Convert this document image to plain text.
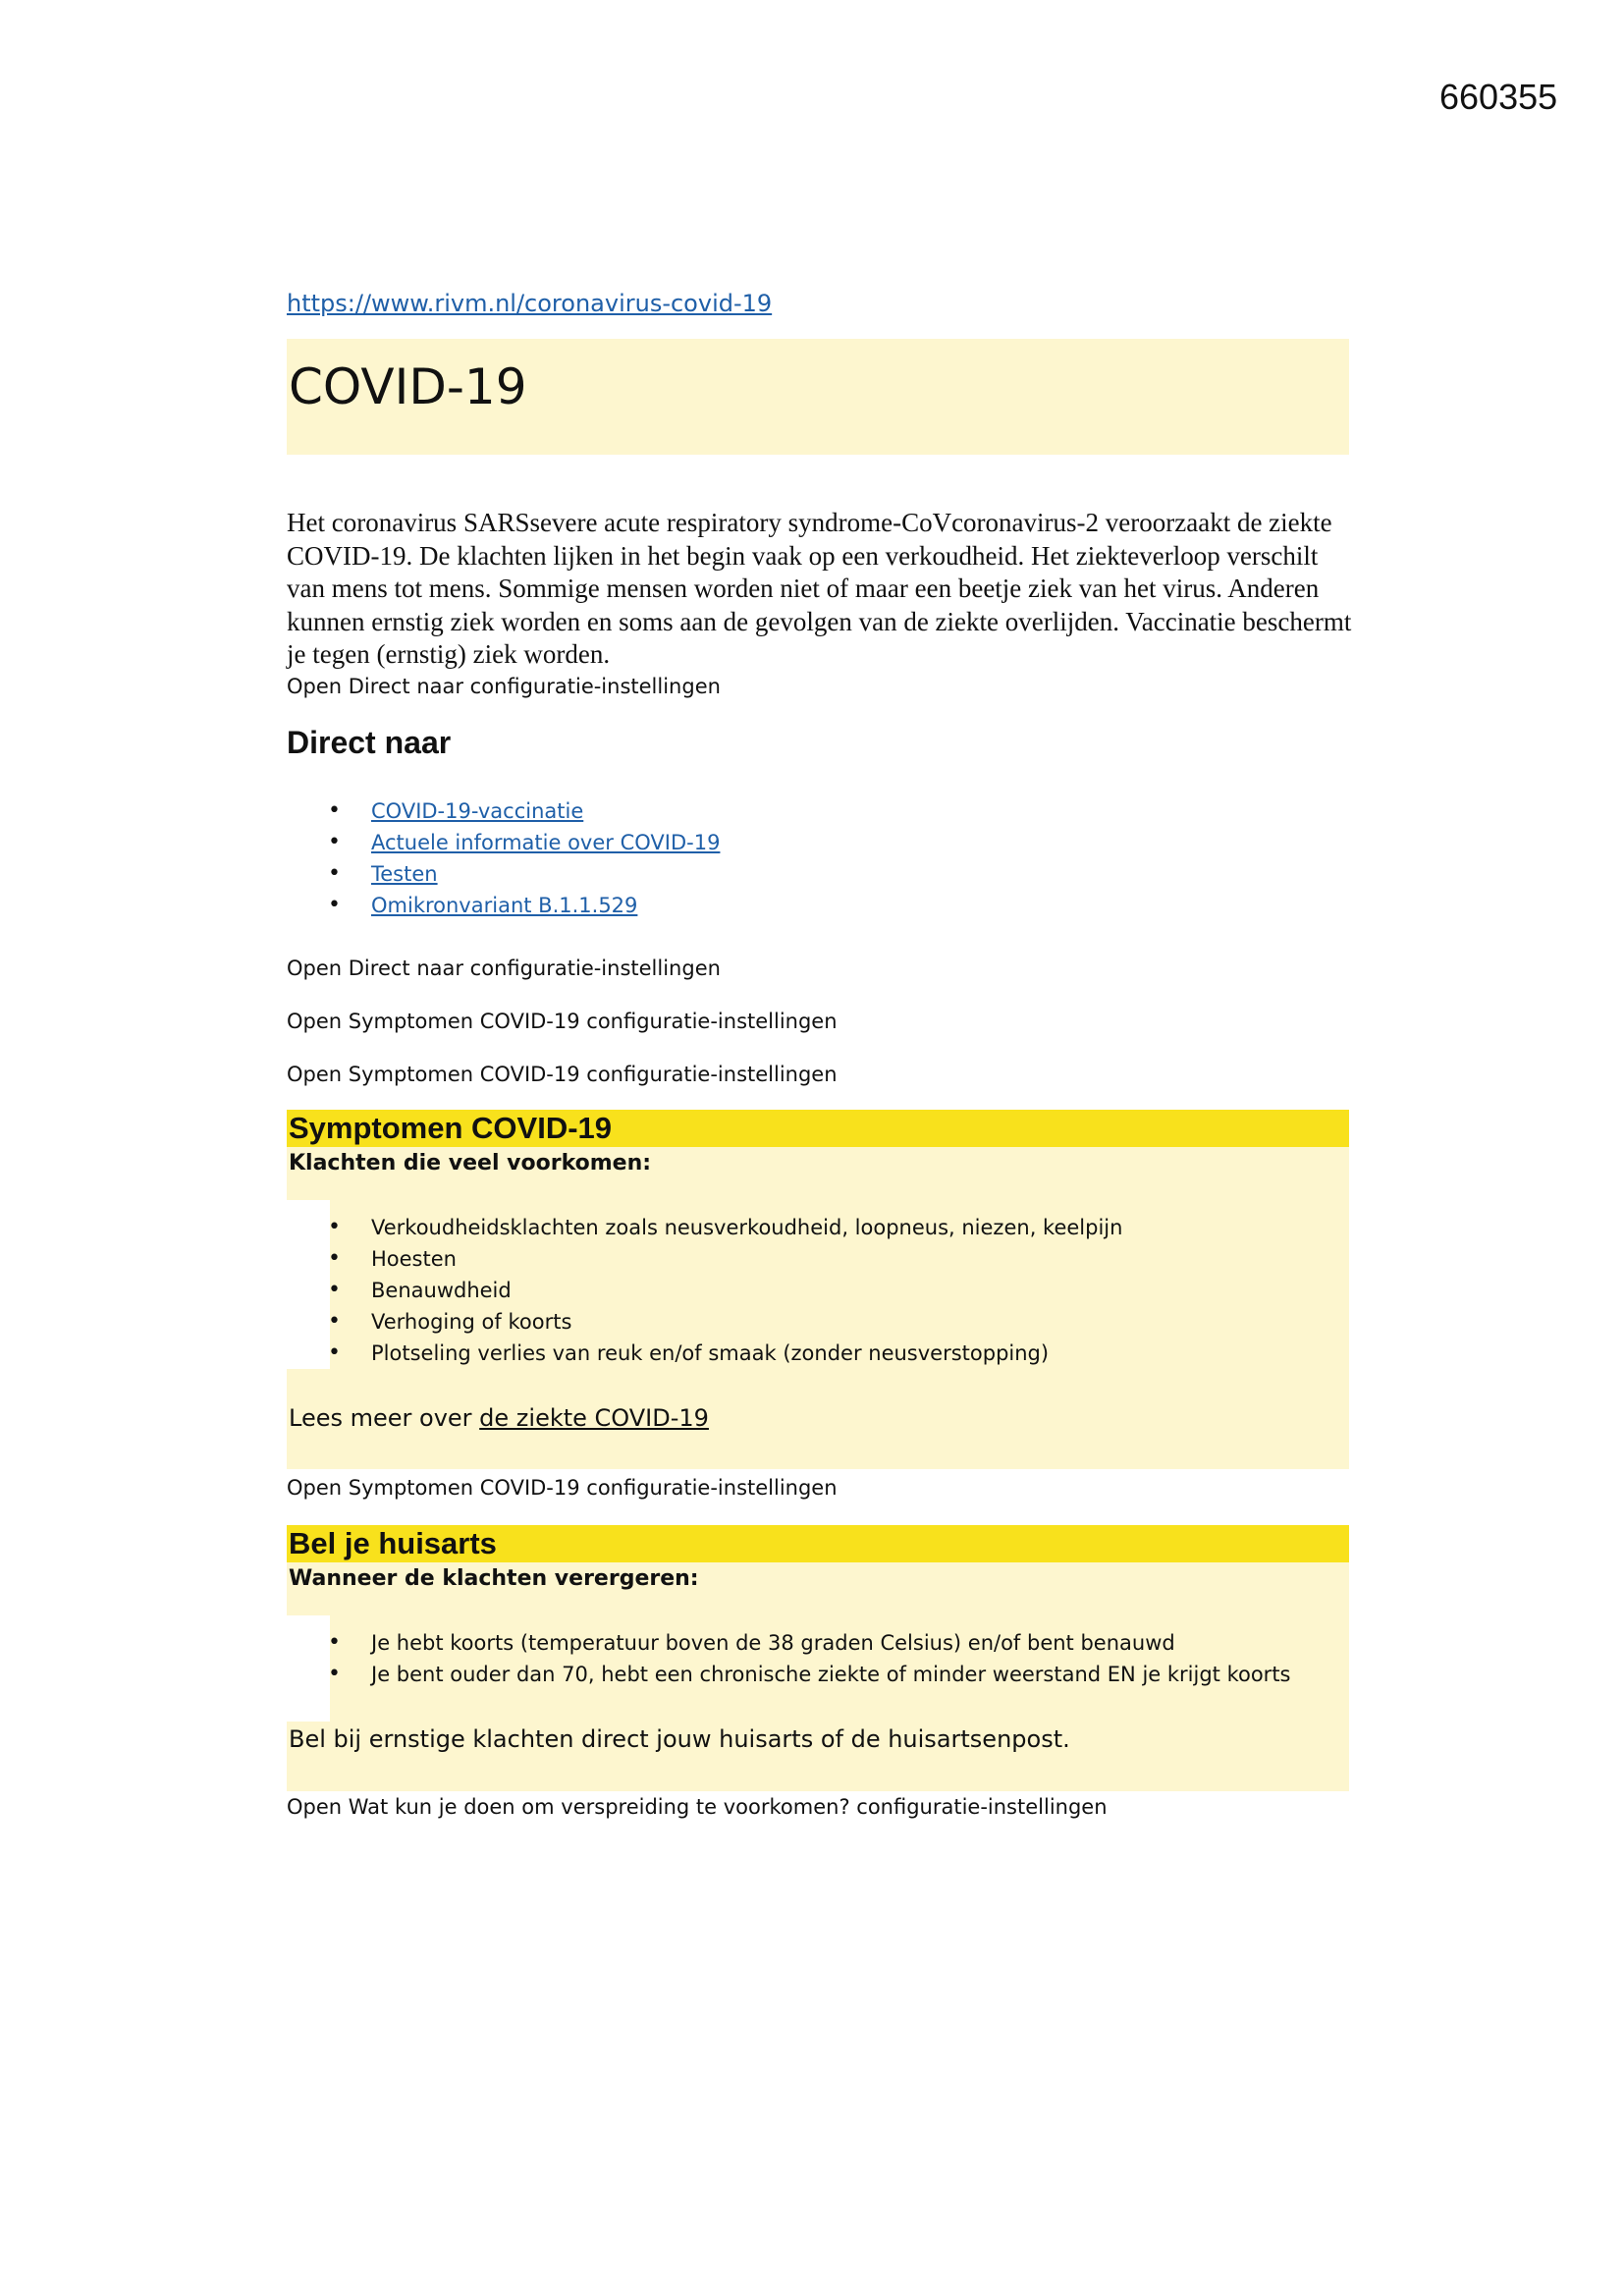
660355
https://www.rivm.nl/coronavirus-covid-19
COVID-19
Het coronavirus SARSsevere acute respiratory syndrome-CoVcoronavirus-2 veroorzaakt de ziekte COVID-19. De klachten lijken in het begin vaak op een verkoudheid. Het ziekteverloop verschilt van mens tot mens. Sommige mensen worden niet of maar een beetje ziek van het virus. Anderen kunnen ernstig ziek worden en soms aan de gevolgen van de ziekte overlijden. Vaccinatie beschermt je tegen (ernstig) ziek worden.
Open Direct naar configuratie-instellingen
Direct naar
• COVID-19-vaccinatie
• Actuele informatie over COVID-19
• Testen
• Omikronvariant B.1.1.529
Open Direct naar configuratie-instellingen
Open Symptomen COVID-19 configuratie-instellingen
Open Symptomen COVID-19 configuratie-instellingen
Symptomen COVID-19
Klachten die veel voorkomen:
• Verkoudheidsklachten zoals neusverkoudheid, loopneus, niezen, keelpijn
• Hoesten
• Benauwdheid
• Verhoging of koorts
• Plotseling verlies van reuk en/of smaak (zonder neusverstopping)
Lees meer over de ziekte COVID-19
Open Symptomen COVID-19 configuratie-instellingen
Bel je huisarts
Wanneer de klachten verergeren:
• Je hebt koorts (temperatuur boven de 38 graden Celsius) en/of bent benauwd
• Je bent ouder dan 70, hebt een chronische ziekte of minder weerstand EN je krijgt koorts
Bel bij ernstige klachten direct jouw huisarts of de huisartsenpost.
Open Wat kun je doen om verspreiding te voorkomen? configuratie-instellingen
